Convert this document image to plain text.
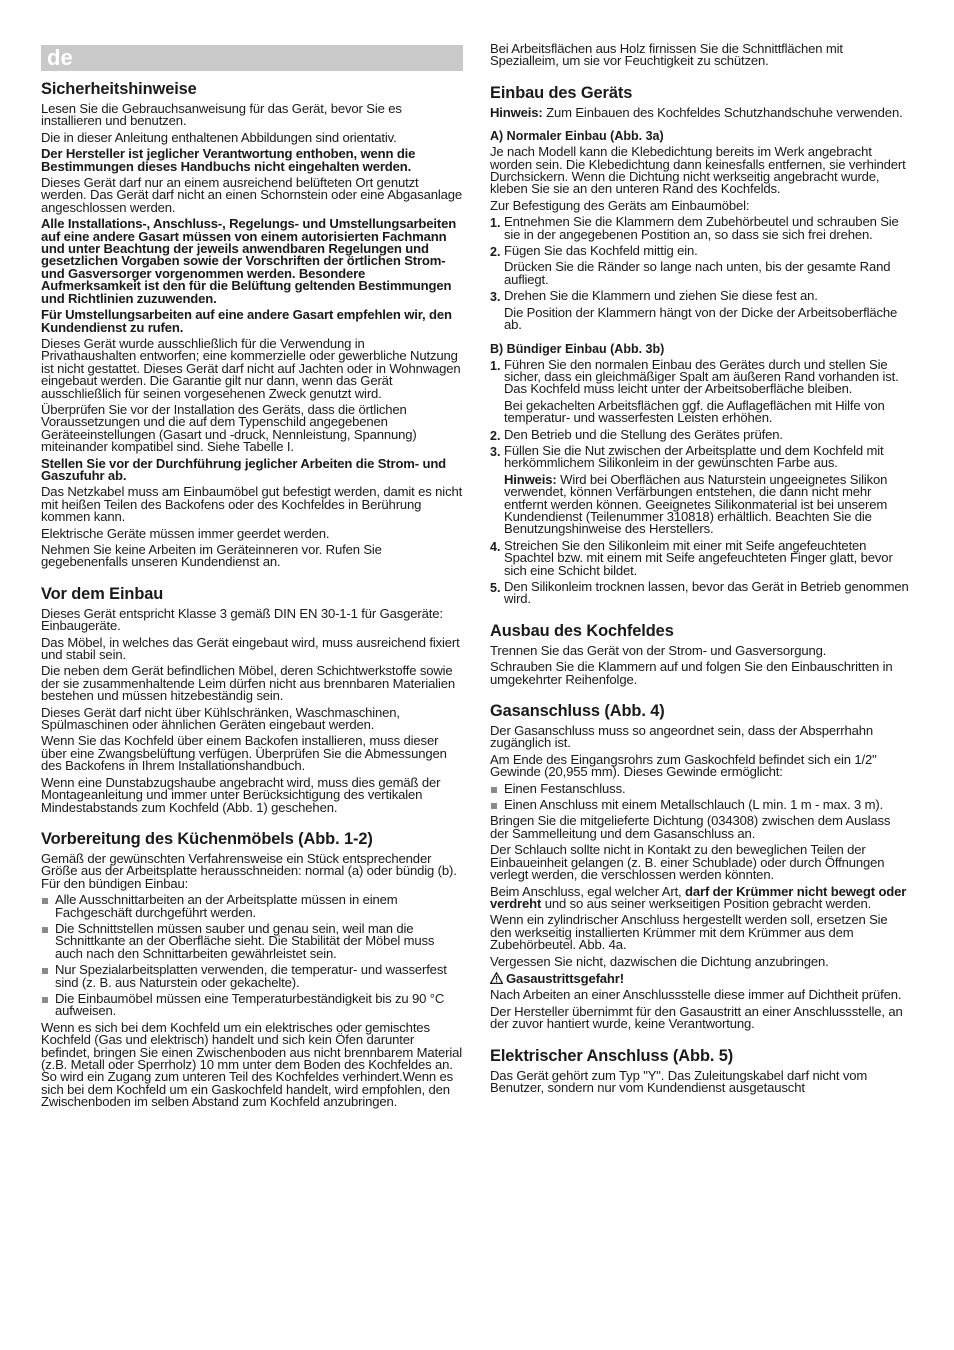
de
Sicherheitshinweise

Lesen Sie die Gebrauchsanweisung für das Gerät, bevor Sie es installieren und benutzen.

Die in dieser Anleitung enthaltenen Abbildungen sind orientativ.

Der Hersteller ist jeglicher Verantwortung enthoben, wenn die Bestimmungen dieses Handbuchs nicht eingehalten werden.

Dieses Gerät darf nur an einem ausreichend belüfteten Ort genutzt werden. Das Gerät darf nicht an einen Schornstein oder eine Abgasanlage angeschlossen werden.

Alle Installations-, Anschluss-, Regelungs- und Umstellungsarbeiten auf eine andere Gasart müssen von einem autorisierten Fachmann und unter Beachtung der jeweils anwendbaren Regelungen und gesetzlichen Vorgaben sowie der Vorschriften der örtlichen Strom- und Gasversorger vorgenommen werden. Besondere Aufmerksamkeit ist den für die Belüftung geltenden Bestimmungen und Richtlinien zuzuwenden.

Für Umstellungsarbeiten auf eine andere Gasart empfehlen wir, den Kundendienst zu rufen.

Dieses Gerät wurde ausschließlich für die Verwendung in Privathaushalten entworfen; eine kommerzielle oder gewerbliche Nutzung ist nicht gestattet. Dieses Gerät darf nicht auf Jachten oder in Wohnwagen eingebaut werden. Die Garantie gilt nur dann, wenn das Gerät ausschließlich für seinen vorgesehenen Zweck genutzt wird.

Überprüfen Sie vor der Installation des Geräts, dass die örtlichen Voraussetzungen und die auf dem Typenschild angegebenen Geräteeinstellungen (Gasart und -druck, Nennleistung, Spannung) miteinander kompatibel sind. Siehe Tabelle I.

Stellen Sie vor der Durchführung jeglicher Arbeiten die Strom- und Gaszufuhr ab.

Das Netzkabel muss am Einbaumöbel gut befestigt werden, damit es nicht mit heißen Teilen des Backofens oder des Kochfeldes in Berührung kommen kann.

Elektrische Geräte müssen immer geerdet werden.

Nehmen Sie keine Arbeiten im Geräteinneren vor. Rufen Sie gegebenenfalls unseren Kundendienst an.

Vor dem Einbau

Dieses Gerät entspricht Klasse 3 gemäß DIN EN 30-1-1 für Gasgeräte: Einbaugeräte.

Das Möbel, in welches das Gerät eingebaut wird, muss ausreichend fixiert und stabil sein.

Die neben dem Gerät befindlichen Möbel, deren Schichtwerkstoffe sowie der sie zusammenhaltende Leim dürfen nicht aus brennbaren Materialien bestehen und müssen hitzebeständig sein.

Dieses Gerät darf nicht über Kühlschränken, Waschmaschinen, Spülmaschinen oder ähnlichen Geräten eingebaut werden.

Wenn Sie das Kochfeld über einem Backofen installieren, muss dieser über eine Zwangsbelüftung verfügen. Überprüfen Sie die Abmessungen des Backofens in Ihrem Installationshandbuch.

Wenn eine Dunstabzugshaube angebracht wird, muss dies gemäß der Montageanleitung und immer unter Berücksichtigung des vertikalen Mindestabstands zum Kochfeld (Abb. 1) geschehen.

Vorbereitung des Küchenmöbels (Abb. 1-2)

Gemäß der gewünschten Verfahrensweise ein Stück entsprechender Größe aus der Arbeitsplatte herausschneiden: normal (a) oder bündig (b). Für den bündigen Einbau:

Alle Ausschnittarbeiten an der Arbeitsplatte müssen in einem Fachgeschäft durchgeführt werden.

Die Schnittstellen müssen sauber und genau sein, weil man die Schnittkante an der Oberfläche sieht. Die Stabilität der Möbel muss auch nach den Schnittarbeiten gewährleistet sein.

Nur Spezialarbeitsplatten verwenden, die temperatur- und wasserfest sind (z. B. aus Naturstein oder gekachelte).

Die Einbaumöbel müssen eine Temperaturbeständigkeit bis zu 90 °C aufweisen.

Wenn es sich bei dem Kochfeld um ein elektrisches oder gemischtes Kochfeld (Gas und elektrisch) handelt und sich kein Öfen darunter befindet, bringen Sie einen Zwischenboden aus nicht brennbarem Material (z.B. Metall oder Sperrholz) 10 mm unter dem Boden des Kochfeldes an. So wird ein Zugang zum unteren Teil des Kochfeldes verhindert.Wenn es sich bei dem Kochfeld um ein Gaskochfeld handelt, wird empfohlen, den Zwischenboden im selben Abstand zum Kochfeld anzubringen.

Bei Arbeitsflächen aus Holz firnissen Sie die Schnittflächen mit Spezialleim, um sie vor Feuchtigkeit zu schützen.

Einbau des Geräts

Hinweis: Zum Einbauen des Kochfeldes Schutzhandschuhe verwenden.

A) Normaler Einbau (Abb. 3a)

Je nach Modell kann die Klebedichtung bereits im Werk angebracht worden sein. Die Klebedichtung dann keinesfalls entfernen, sie verhindert Durchsickern. Wenn die Dichtung nicht werkseitig angebracht wurde, kleben Sie sie an den unteren Rand des Kochfelds.

Zur Befestigung des Geräts am Einbaumöbel:

1. Entnehmen Sie die Klammern dem Zubehörbeutel und schrauben Sie sie in der angegebenen Postition an, so dass sie sich frei drehen.

2. Fügen Sie das Kochfeld mittig ein.

Drücken Sie die Ränder so lange nach unten, bis der gesamte Rand aufliegt.

3. Drehen Sie die Klammern und ziehen Sie diese fest an.

Die Position der Klammern hängt von der Dicke der Arbeitsoberfläche ab.

B) Bündiger Einbau (Abb. 3b)
1. Führen Sie den normalen Einbau des Gerätes durch und stellen Sie sicher, dass ein gleichmäßiger Spalt am äußeren Rand vorhanden ist. Das Kochfeld muss leicht unter der Arbeitsoberfläche bleiben.

Bei gekachelten Arbeitsflächen ggf. die Auflageflächen mit Hilfe von temperatur- und wasserfesten Leisten erhöhen.

2. Den Betrieb und die Stellung des Gerätes prüfen.

3. Füllen Sie die Nut zwischen der Arbeitsplatte und dem Kochfeld mit herkömmlichem Silikonleim in der gewünschten Farbe aus.

Hinweis: Wird bei Oberflächen aus Naturstein ungeeignetes Silikon verwendet, können Verfärbungen entstehen, die dann nicht mehr entfernt werden können. Geeignetes Silikonmaterial ist bei unserem Kundendienst (Teilenummer 310818) erhältlich. Beachten Sie die Benutzungshinweise des Herstellers.

4. Streichen Sie den Silikonleim mit einer mit Seife angefeuchteten Spachtel bzw. mit einem mit Seife angefeuchteten Finger glatt, bevor sich eine Schicht bildet.

5. Den Silikonleim trocknen lassen, bevor das Gerät in Betrieb genommen wird.

Ausbau des Kochfeldes

Trennen Sie das Gerät von der Strom- und Gasversorgung.

Schrauben Sie die Klammern auf und folgen Sie den Einbauschritten in umgekehrter Reihenfolge.

Gasanschluss (Abb. 4)

Der Gasanschluss muss so angeordnet sein, dass der Absperrhahn zugänglich ist.

Am Ende des Eingangsrohrs zum Gaskochfeld befindet sich ein 1/2" Gewinde (20,955 mm). Dieses Gewinde ermöglicht:

Einen Festanschluss.

Einen Anschluss mit einem Metallschlauch (L min. 1 m - max. 3 m).

Bringen Sie die mitgelieferte Dichtung (034308) zwischen dem Auslass der Sammelleitung und dem Gasanschluss an.

Der Schlauch sollte nicht in Kontakt zu den beweglichen Teilen der Einbaueinheit gelangen (z. B. einer Schublade) oder durch Öffnungen verlegt werden, die verschlossen werden könnten.

Beim Anschluss, egal welcher Art, darf der Krümmer nicht bewegt oder verdreht und so aus seiner werkseitigen Position gebracht werden.

Wenn ein zylindrischer Anschluss hergestellt werden soll, ersetzen Sie den werkseitig installierten Krümmer mit dem Krümmer aus dem Zubehörbeutel. Abb. 4a.

Vergessen Sie nicht, dazwischen die Dichtung anzubringen.

Gasaustrittsgefahr!

Nach Arbeiten an einer Anschlussstelle diese immer auf Dichtheit prüfen.

Der Hersteller übernimmt für den Gasaustritt an einer Anschlussstelle, an der zuvor hantiert wurde, keine Verantwortung.

Elektrischer Anschluss (Abb. 5)

Das Gerät gehört zum Typ "Y". Das Zuleitungskabel darf nicht vom Benutzer, sondern nur vom Kundendienst ausgetauscht
